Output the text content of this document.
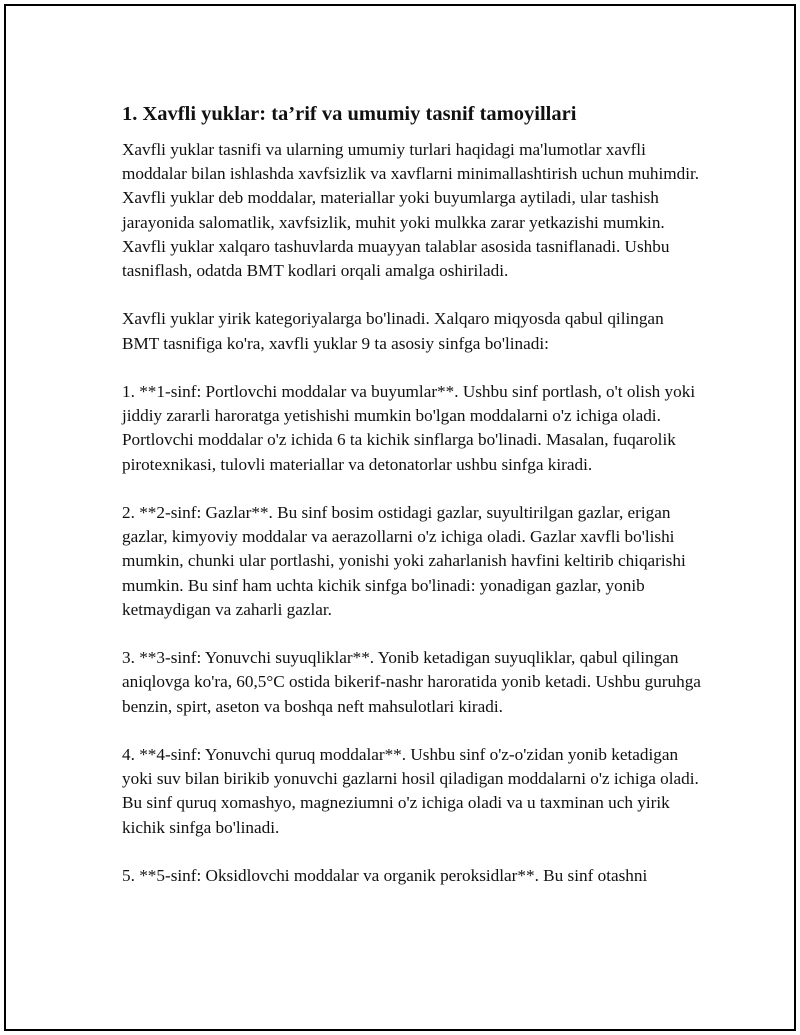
1. Xavfli yuklar: ta’rif va umumiy tasnif tamoyillari

Xavfli yuklar tasnifi va ularning umumiy turlari haqidagi ma'lumotlar xavfli moddalar bilan ishlashda xavfsizlik va xavflarni minimallashtirish uchun muhimdir. Xavfli yuklar deb moddalar, materiallar yoki buyumlarga aytiladi, ular tashish jarayonida salomatlik, xavfsizlik, muhit yoki mulkka zarar yetkazishi mumkin. Xavfli yuklar xalqaro tashuvlarda muayyan talablar asosida tasniflanadi. Ushbu tasniflash, odatda BMT kodlari orqali amalga oshiriladi.

Xavfli yuklar yirik kategoriyalarga bo'linadi. Xalqaro miqyosda qabul qilingan BMT tasnifiga ko'ra, xavfli yuklar 9 ta asosiy sinfga bo'linadi:

1. **1-sinf: Portlovchi moddalar va buyumlar**. Ushbu sinf portlash, o't olish yoki jiddiy zararli haroratga yetishishi mumkin bo'lgan moddalarni o'z ichiga oladi. Portlovchi moddalar o'z ichida 6 ta kichik sinflarga bo'linadi. Masalan, fuqarolik pirotexnikasi, tulovli materiallar va detonatorlar ushbu sinfga kiradi.

2. **2-sinf: Gazlar**. Bu sinf bosim ostidagi gazlar, suyultirilgan gazlar, erigan gazlar, kimyoviy moddalar va aerazollarni o'z ichiga oladi. Gazlar xavfli bo'lishi mumkin, chunki ular portlashi, yonishi yoki zaharlanish havfini keltirib chiqarishi mumkin. Bu sinf ham uchta kichik sinfga bo'linadi: yonadigan gazlar, yonib ketmaydigan va zaharli gazlar.

3. **3-sinf: Yonuvchi suyuqliklar**. Yonib ketadigan suyuqliklar, qabul qilingan aniqlovga ko'ra, 60,5°C ostida bikerif-nashr haroratida yonib ketadi. Ushbu guruhga benzin, spirt, aseton va boshqa neft mahsulotlari kiradi.

4. **4-sinf: Yonuvchi quruq moddalar**. Ushbu sinf o'z-o'zidan yonib ketadigan yoki suv bilan birikib yonuvchi gazlarni hosil qiladigan moddalarni o'z ichiga oladi. Bu sinf quruq xomashyo, magneziumni o'z ichiga oladi va u taxminan uch yirik kichik sinfga bo'linadi.

5. **5-sinf: Oksidlovchi moddalar va organik peroksidlar**. Bu sinf otashni
